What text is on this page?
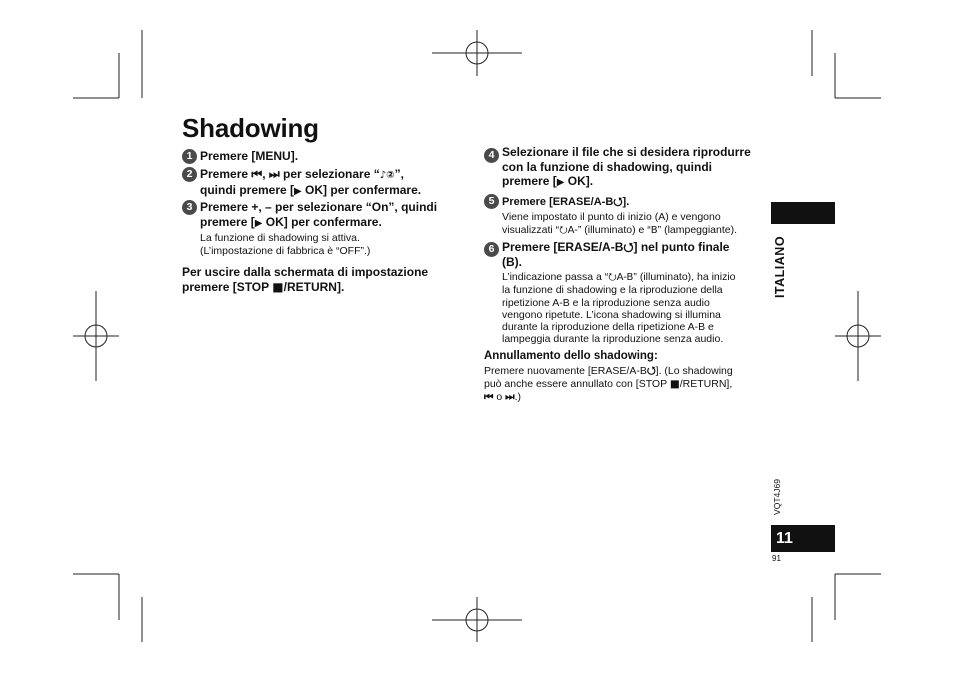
Shadowing
1 Premere [MENU].
2 Premere ⏮, ⏭ per selezionare “♪②”,
quindi premere [▶ OK] per confermare.
3 Premere +, – per selezionare “On”, quindi
premere [▶ OK] per confermare.
La funzione di shadowing si attiva.
(L’impostazione di fabbrica è “OFF”.)
Per uscire dalla schermata di impostazione
premere [STOP ■/RETURN].
4 Selezionare il file che si desidera riprodurre
con la funzione di shadowing, quindi
premere [▶ OK].
5 Premere [ERASE/A-B⭯].
Viene impostato il punto di inizio (A) e vengono
visualizzati “⭮A-” (illuminato) e “B” (lampeggiante).
6 Premere [ERASE/A-B⭯] nel punto finale
(B).
L’indicazione passa a “⭮A-B” (illuminato), ha inizio
la funzione di shadowing e la riproduzione della
ripetizione A-B e la riproduzione senza audio
vengono ripetute. L’icona shadowing si illumina
durante la riproduzione della ripetizione A-B e
lampeggia durante la riproduzione senza audio.
Annullamento dello shadowing:
Premere nuovamente [ERASE/A-B⭯]. (Lo shadowing
può anche essere annullato con [STOP ■/RETURN],
⏮ o ⏭.)
ITALIANO
VQT4J69
11
91
